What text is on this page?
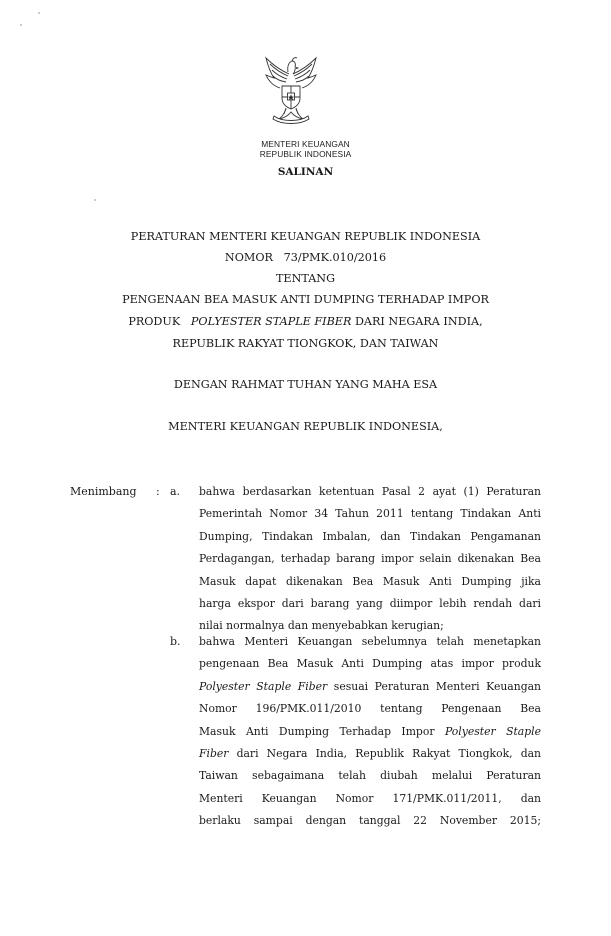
MENTERI KEUANGAN
REPUBLIK INDONESIA
SALINAN
PERATURAN MENTERI KEUANGAN REPUBLIK INDONESIA
NOMOR 73/PMK.010/2016
TENTANG
PENGENAAN BEA MASUK ANTI DUMPING TERHADAP IMPOR
PRODUK POLYESTER STAPLE FIBER DARI NEGARA INDIA,
REPUBLIK RAKYAT TIONGKOK, DAN TAIWAN
DENGAN RAHMAT TUHAN YANG MAHA ESA
MENTERI KEUANGAN REPUBLIK INDONESIA,
Menimbang : a. bahwa berdasarkan ketentuan Pasal 2 ayat (1) Peraturan
Pemerintah Nomor 34 Tahun 2011 tentang Tindakan Anti
Dumping, Tindakan Imbalan, dan Tindakan Pengamanan
Perdagangan, terhadap barang impor selain dikenakan Bea
Masuk dapat dikenakan Bea Masuk Anti Dumping jika
harga ekspor dari barang yang diimpor lebih rendah dari
nilai normalnya dan menyebabkan kerugian;
b. bahwa Menteri Keuangan sebelumnya telah menetapkan
pengenaan Bea Masuk Anti Dumping atas impor produk
Polyester Staple Fiber sesuai Peraturan Menteri Keuangan
Nomor 196/PMK.011/2010 tentang Pengenaan Bea
Masuk Anti Dumping Terhadap Impor Polyester Staple
Fiber dari Negara India, Republik Rakyat Tiongkok, dan
Taiwan sebagaimana telah diubah melalui Peraturan
Menteri Keuangan Nomor 171/PMK.011/2011, dan
berlaku sampai dengan tanggal 22 November 2015;
